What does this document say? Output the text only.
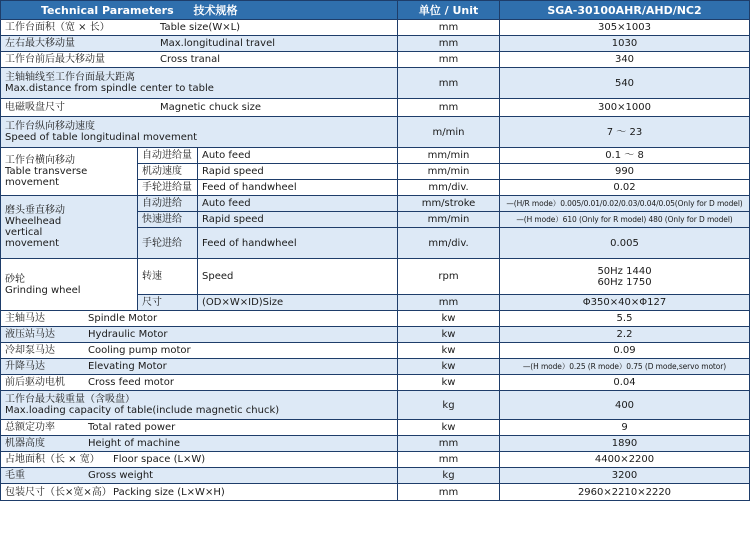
Technical Parameters 技术规格			单位 / Unit	SGA-30100AHR/AHD/NC2
工作台面积（宽 × 长） Table size(W×L)			mm	305×1003
左右最大移动量 Max.longitudinal travel			mm	1030
工作台前后最大移动量 Cross tranal			mm	340

主轴轴线至工作台面最大距离
Max.distance from spindle center to table			mm	540
电磁吸盘尺寸 Magnetic chuck size			mm	300×1000

工作台纵向移动速度
Speed of table longitudinal movement			m/min	7 ～ 23

工作台横向移动
Table transverse
movement	自动进给量	Auto feed	mm/min	0.1 ～ 8
	机动速度	Rapid speed	mm/min	990
	手轮进给量	Feed of handwheel	mm/div.	0.02

磨头垂直移动
Wheelhead
vertical
movement	自动进给	Auto feed	mm/stroke	—(H/R mode）0.005/0.01/0.02/0.03/0.04/0.05(Only for D model)
	快速进给	Rapid speed	mm/min	—(H mode）610 (Only for R model) 480 (Only for D model)
	手轮进给	Feed of handwheel	mm/div.	0.005

砂轮
Grinding wheel	转速	Speed	rpm	50Hz 1440
60Hz 1750

	尺寸	(OD×W×ID)Size	mm	Φ350×40×Φ127
主轴马达 Spindle Motor			kw	5.5
液压站马达 Hydraulic Motor			kw	2.2
冷却泵马达 Cooling pump motor			kw	0.09
升降马达 Elevating Motor			kw	—(H mode）0.25 (R mode）0.75 (D mode,servo motor)
前后驱动电机 Cross feed motor			kw	0.04

工作台最大载重量（含吸盘）
Max.loading capacity of table(include magnetic chuck)			kg	400
总额定功率 Total rated power			kw	9
机器高度 Height of machine			mm	1890
占地面积（长 × 宽） Floor space (L×W)			mm	4400×2200
毛重 Gross weight			kg	3200
包装尺寸（长×宽×高）Packing size (L×W×H)			mm	2960×2210×2220
